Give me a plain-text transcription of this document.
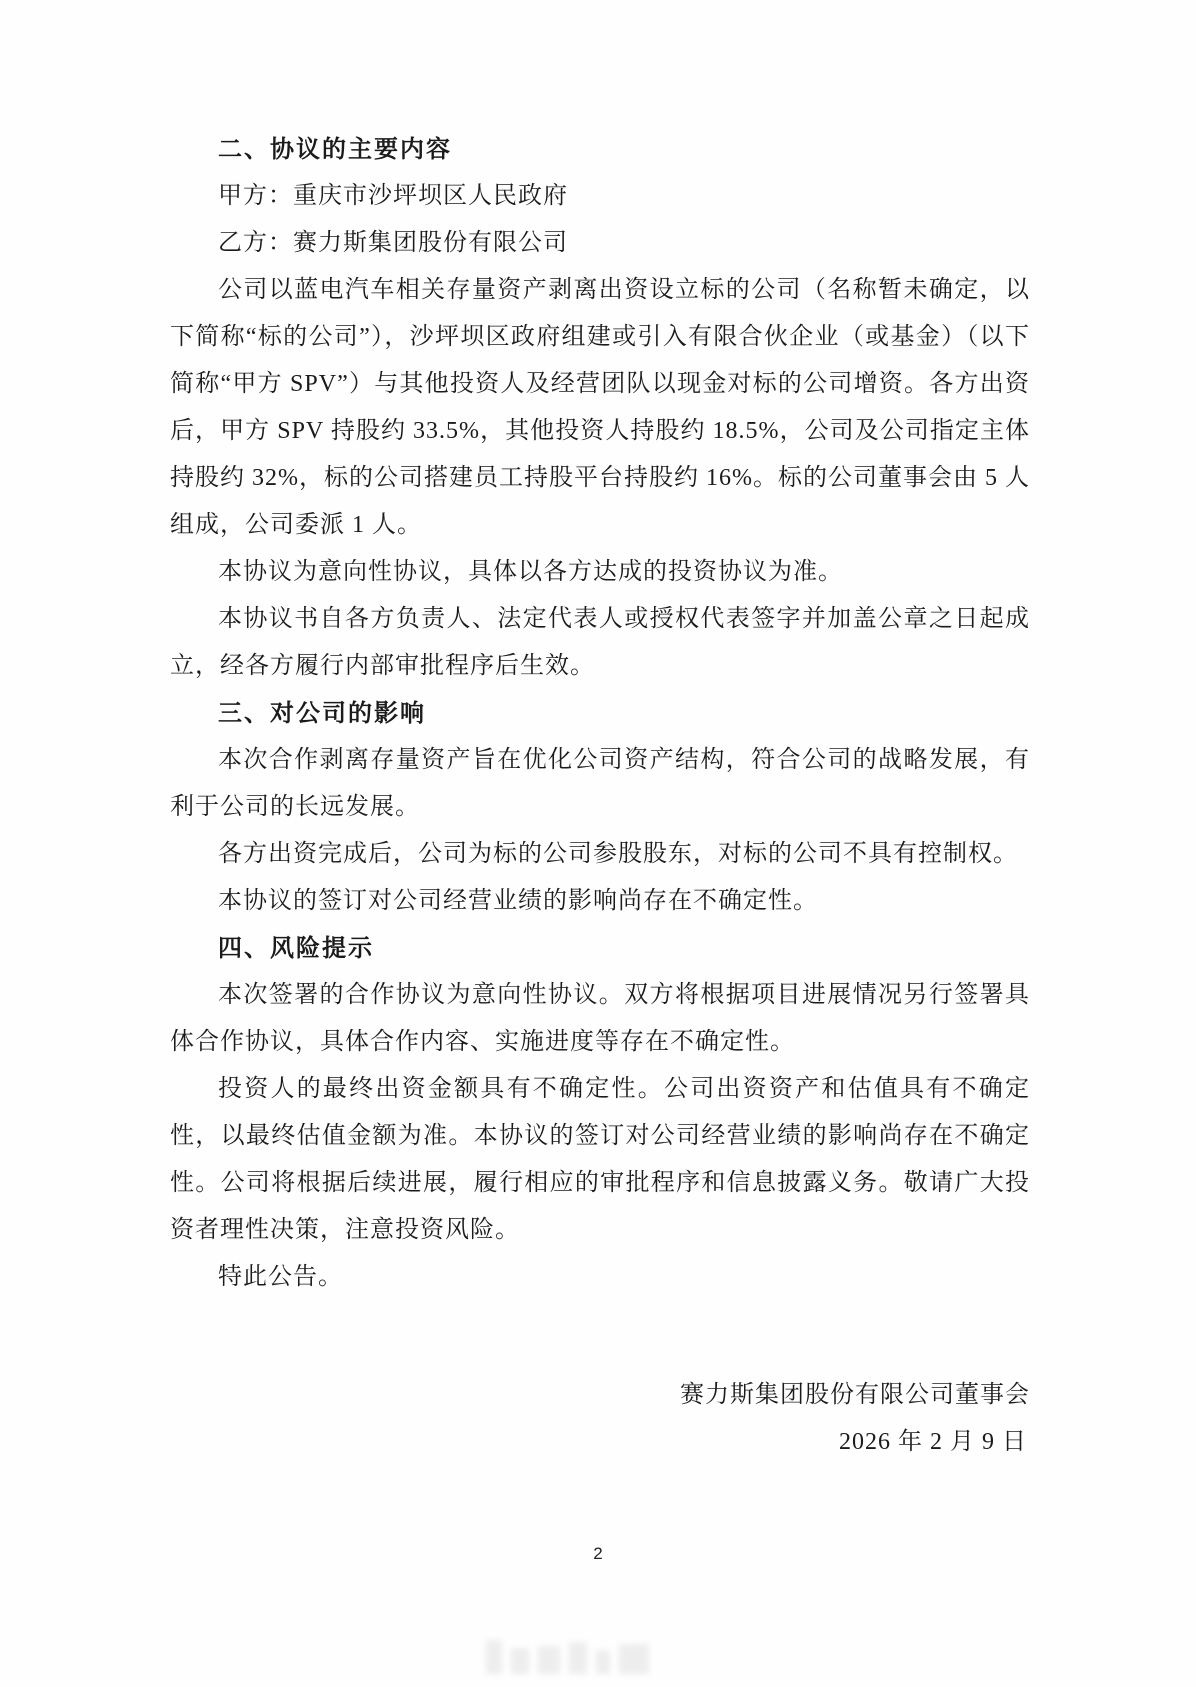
二、协议的主要内容

甲方：重庆市沙坪坝区人民政府

乙方：赛力斯集团股份有限公司

公司以蓝电汽车相关存量资产剥离出资设立标的公司（名称暂未确定，以下简称“标的公司”），沙坪坝区政府组建或引入有限合伙企业（或基金）（以下简称“甲方 SPV”）与其他投资人及经营团队以现金对标的公司增资。各方出资后，甲方 SPV 持股约 33.5%，其他投资人持股约 18.5%，公司及公司指定主体持股约 32%，标的公司搭建员工持股平台持股约 16%。标的公司董事会由 5 人组成，公司委派 1 人。

本协议为意向性协议，具体以各方达成的投资协议为准。

本协议书自各方负责人、法定代表人或授权代表签字并加盖公章之日起成立，经各方履行内部审批程序后生效。

三、对公司的影响

本次合作剥离存量资产旨在优化公司资产结构，符合公司的战略发展，有利于公司的长远发展。

各方出资完成后，公司为标的公司参股股东，对标的公司不具有控制权。

本协议的签订对公司经营业绩的影响尚存在不确定性。

四、风险提示

本次签署的合作协议为意向性协议。双方将根据项目进展情况另行签署具体合作协议，具体合作内容、实施进度等存在不确定性。

投资人的最终出资金额具有不确定性。公司出资资产和估值具有不确定性，以最终估值金额为准。本协议的签订对公司经营业绩的影响尚存在不确定性。公司将根据后续进展，履行相应的审批程序和信息披露义务。敬请广大投资者理性决策，注意投资风险。

特此公告。

赛力斯集团股份有限公司董事会

2026 年 2 月 9 日

2
